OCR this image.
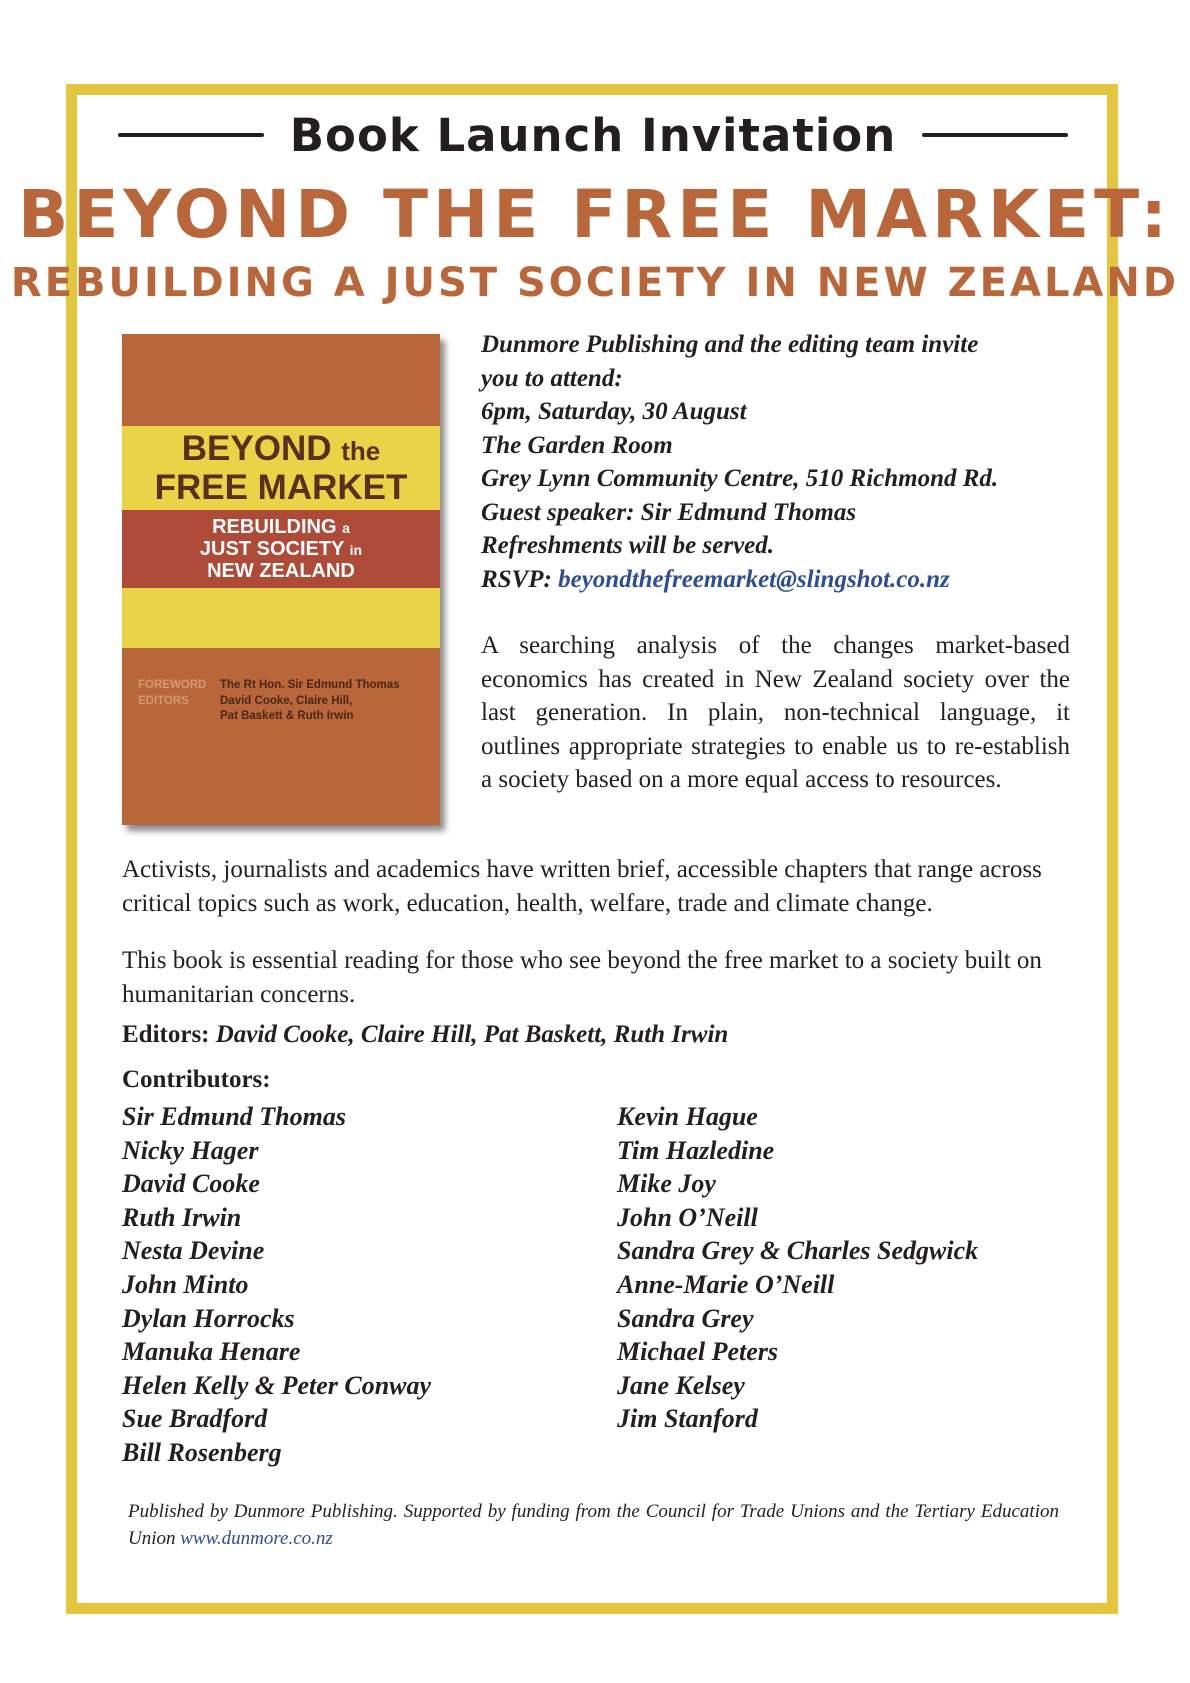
Book Launch Invitation
BEYOND THE FREE MARKET:
REBUILDING A JUST SOCIETY IN NEW ZEALAND
BEYOND the
FREE MARKET
REBUILDING a
JUST SOCIETY in
NEW ZEALAND
FOREWORD The Rt Hon. Sir Edmund Thomas
EDITORS	David Cooke, Claire Hill,
Pat Baskett & Ruth Irwin
Dunmore Publishing and the editing team invite
you to attend:
6pm, Saturday, 30 August
The Garden Room
Grey Lynn Community Centre, 510 Richmond Rd.
Guest speaker: Sir Edmund Thomas
Refreshments will be served.
RSVP: beyondthefreemarket@slingshot.co.nz
A searching analysis of the changes market-based economics has created in New Zealand society over the last generation. In plain, non-technical language, it outlines appropriate strategies to enable us to re-establish a society based on a more equal access to resources.
Activists, journalists and academics have written brief, accessible chapters that range across critical topics such as work, education, health, welfare, trade and climate change.
This book is essential reading for those who see beyond the free market to a society built on humanitarian concerns.
Editors: David Cooke, Claire Hill, Pat Baskett, Ruth Irwin
Contributors:
Sir Edmund Thomas
Nicky Hager
David Cooke
Ruth Irwin
Nesta Devine
John Minto
Dylan Horrocks
Manuka Henare
Helen Kelly & Peter Conway
Sue Bradford
Bill Rosenberg
Kevin Hague
Tim Hazledine
Mike Joy
John O’Neill
Sandra Grey & Charles Sedgwick
Anne-Marie O’Neill
Sandra Grey
Michael Peters
Jane Kelsey
Jim Stanford
Published by Dunmore Publishing. Supported by funding from the Council for Trade Unions and the Tertiary Education Union www.dunmore.co.nz
